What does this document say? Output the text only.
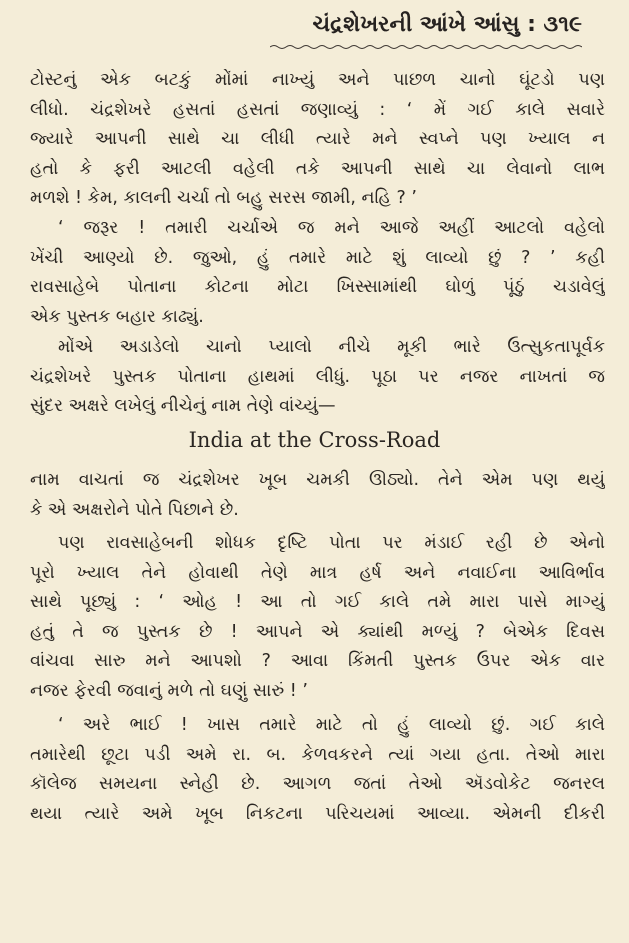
ચંદ્રશેખરની આંખે આંસુ : ૩૧૯
ટોસ્ટનું એક બટકું મોંમાં નાખ્યું અને પાછળ ચાનો ઘૂંટડો પણ
લીધો. ચંદ્રશેખરે હસતાં હસતાં જણાવ્યું : ‘ મેં ગઈ કાલે સવારે
જ્યારે આપની સાથે ચા લીધી ત્યારે મને સ્વપ્ને પણ ખ્યાલ ન
હતો કે ફરી આટલી વહેલી તકે આપની સાથે ચા લેવાનો લાભ
મળશે ! કેમ, કાલની ચર્ચા તો બહુ સરસ જામી, નહિ ? ’
‘ જરૂર ! તમારી ચર્ચાએ જ મને આજે અહીં આટલો વહેલો
ખેંચી આણ્યો છે. જુઓ, હું તમારે માટે શું લાવ્યો છું ? ’ કહી
રાવસાહેબે પોતાના કોટના મોટા ખિસ્સામાંથી ઘોળું પૂંઠું ચડાવેલું
એક પુસ્તક બહાર કાઢ્યું.
મોંએ અડાડેલો ચાનો પ્યાલો નીચે મૂકી ભારે ઉત્સુકતાપૂર્વક
ચંદ્રશેખરે પુસ્તક પોતાના હાથમાં લીધું. પૂઠા પર નજર નાખતાં જ
સુંદર અક્ષરે લખેલું નીચેનું નામ તેણે વાંચ્યું—
India at the Cross-Road
નામ વાચતાં જ ચંદ્રશેખર ખૂબ ચમકી ઊઠ્યો. તેને એમ પણ થયું
કે એ અક્ષરોને પોતે પિછાને છે.
પણ રાવસાહેબની શોધક દૃષ્ટિ પોતા પર મંડાઈ રહી છે એનો
પૂરો ખ્યાલ તેને હોવાથી તેણે માત્ર હર્ષ અને નવાઈના આવિર્ભાવ
સાથે પૂછ્યું : ‘ ઓહ ! આ તો ગઈ કાલે તમે મારા પાસે માગ્યું
હતું તે જ પુસ્તક છે ! આપને એ ક્યાંથી મળ્યું ? બેએક દિવસ
વાંચવા સારુ મને આપશો ? આવા કિંમતી પુસ્તક ઉપર એક વાર
નજર ફેરવી જવાનું મળે તો ઘણું સારું ! ’
‘ અરે ભાઈ ! ખાસ તમારે માટે તો હું લાવ્યો છું. ગઈ કાલે
તમારેથી છૂટા પડી અમે રા. બ. કેળવકરને ત્યાં ગયા હતા. તેઓ મારા
કૉલેજ સમયના સ્નેહી છે. આગળ જતાં તેઓ ઍડવોકેટ જનરલ
થયા ત્યારે અમે ખૂબ નિકટના પરિચયમાં આવ્યા. એમની દીકરી
